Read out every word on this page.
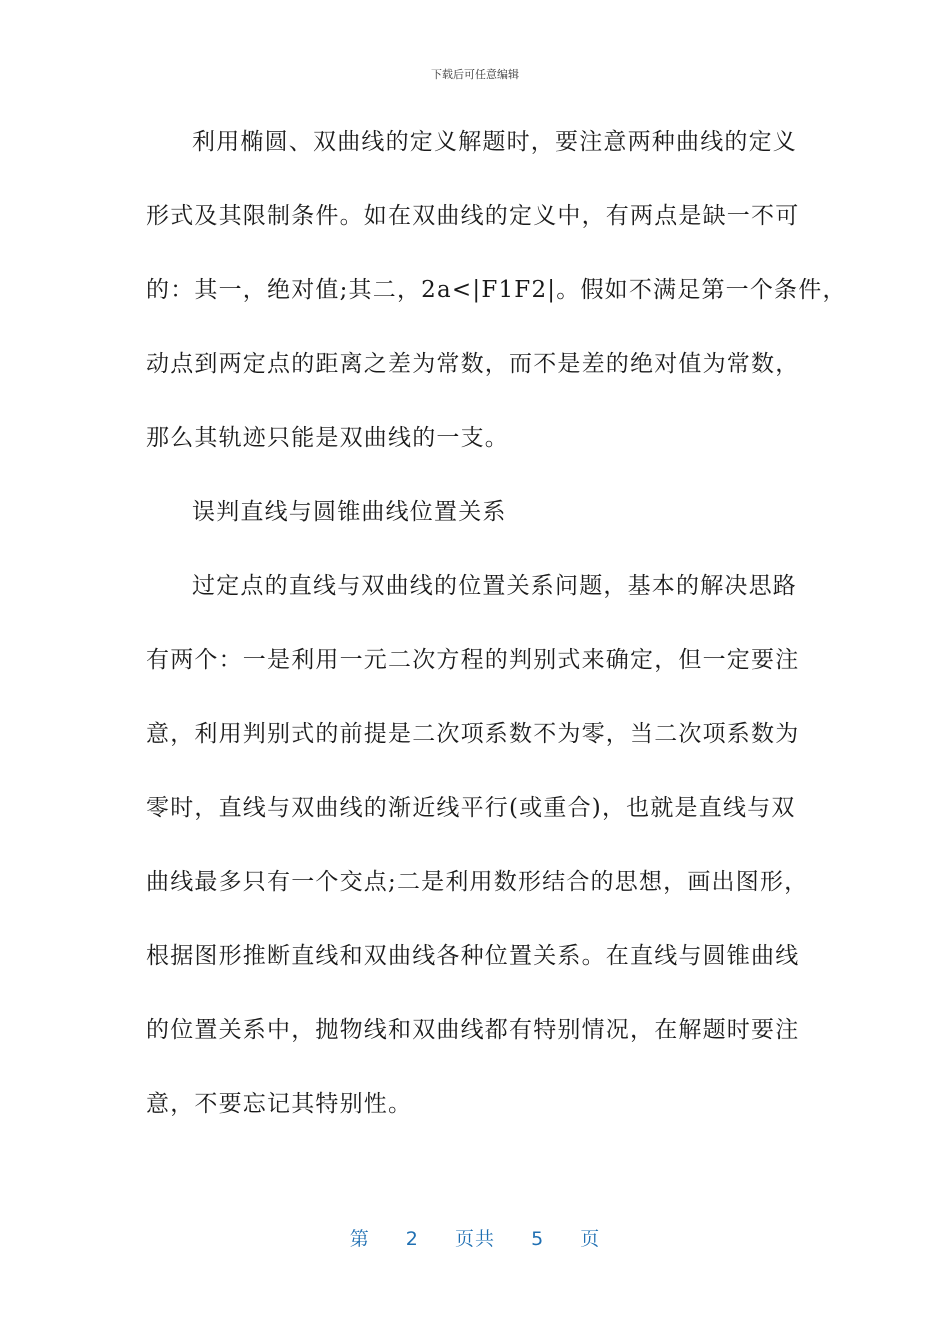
下载后可任意编辑
利用椭圆、双曲线的定义解题时，要注意两种曲线的定义
形式及其限制条件。如在双曲线的定义中，有两点是缺一不可
的：其一，绝对值;其二，2a<|F1F2|。假如不满足第一个条件，
动点到两定点的距离之差为常数，而不是差的绝对值为常数，
那么其轨迹只能是双曲线的一支。
误判直线与圆锥曲线位置关系
过定点的直线与双曲线的位置关系问题，基本的解决思路
有两个：一是利用一元二次方程的判别式来确定，但一定要注
意，利用判别式的前提是二次项系数不为零，当二次项系数为
零时，直线与双曲线的渐近线平行(或重合)，也就是直线与双
曲线最多只有一个交点;二是利用数形结合的思想，画出图形，
根据图形推断直线和双曲线各种位置关系。在直线与圆锥曲线
的位置关系中，抛物线和双曲线都有特别情况，在解题时要注
意，不要忘记其特别性。
第 2 页共 5 页
